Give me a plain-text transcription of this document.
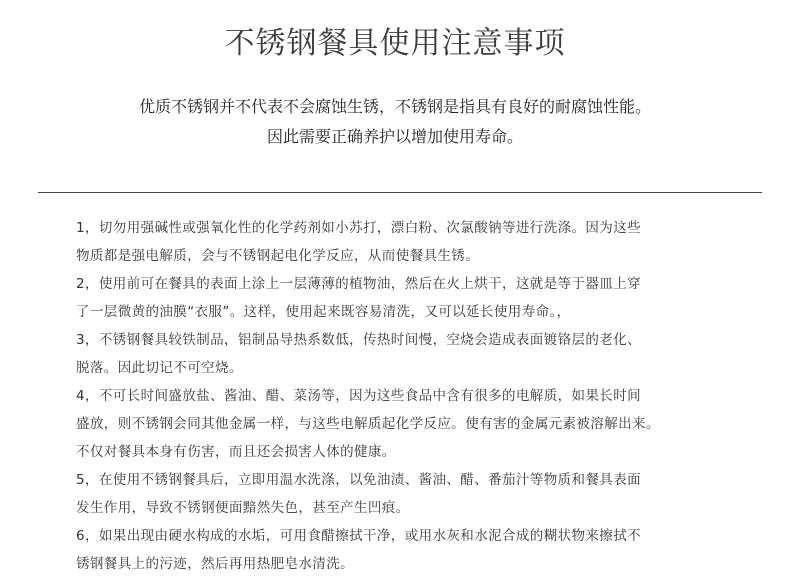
不锈钢餐具使用注意事项
优质不锈钢并不代表不会腐蚀生锈，不锈钢是指具有良好的耐腐蚀性能。
因此需要正确养护以增加使用寿命。
1，切勿用强碱性或强氧化性的化学药剂如小苏打，漂白粉、次氯酸钠等进行洗涤。因为这些
物质都是强电解质，会与不锈钢起电化学反应，从而使餐具生锈。
2，使用前可在餐具的表面上涂上一层薄薄的植物油，然后在火上烘干，这就是等于器皿上穿
了一层微黄的油膜“衣服”。这样，使用起来既容易清洗，又可以延长使用寿命。，
3，不锈钢餐具较铁制品，铝制品导热系数低，传热时间慢，空烧会造成表面镀铬层的老化、
脱落。因此切记不可空烧。
4，不可长时间盛放盐、酱油、醋、菜汤等，因为这些食品中含有很多的电解质，如果长时间
盛放，则不锈钢会同其他金属一样，与这些电解质起化学反应。使有害的金属元素被溶解出来。
不仅对餐具本身有伤害，而且还会损害人体的健康。
5，在使用不锈钢餐具后，立即用温水洗涤，以免油渍、酱油、醋、番茄汁等物质和餐具表面
发生作用，导致不锈钢便面黯然失色，甚至产生凹痕。
6，如果出现由硬水构成的水垢，可用食醋擦拭干净，或用水灰和水泥合成的糊状物来擦拭不
锈钢餐具上的污迹，然后再用热肥皂水清洗。
